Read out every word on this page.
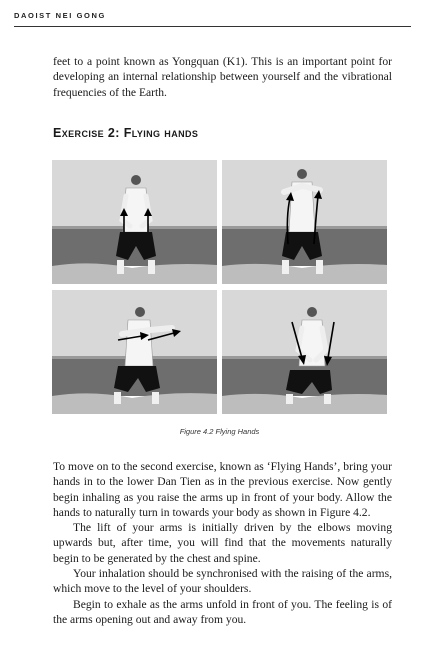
DAOIST NEI GONG

feet to a point known as Yongquan (K1). This is an important point for developing an internal relationship between yourself and the vibrational frequencies of the Earth.

Exercise 2: Flying hands
Figure 4.2 Flying Hands

To move on to the second exercise, known as ‘Flying Hands’, bring your hands in to the lower Dan Tien as in the previous exercise. Now gently begin inhaling as you raise the arms up in front of your body. Allow the hands to naturally turn in towards your body as shown in Figure 4.2.

The lift of your arms is initially driven by the elbows moving upwards but, after time, you will find that the movements naturally begin to be generated by the chest and spine.

Your inhalation should be synchronised with the raising of the arms, which move to the level of your shoulders.

Begin to exhale as the arms unfold in front of you. The feeling is of the arms opening out and away from you.
